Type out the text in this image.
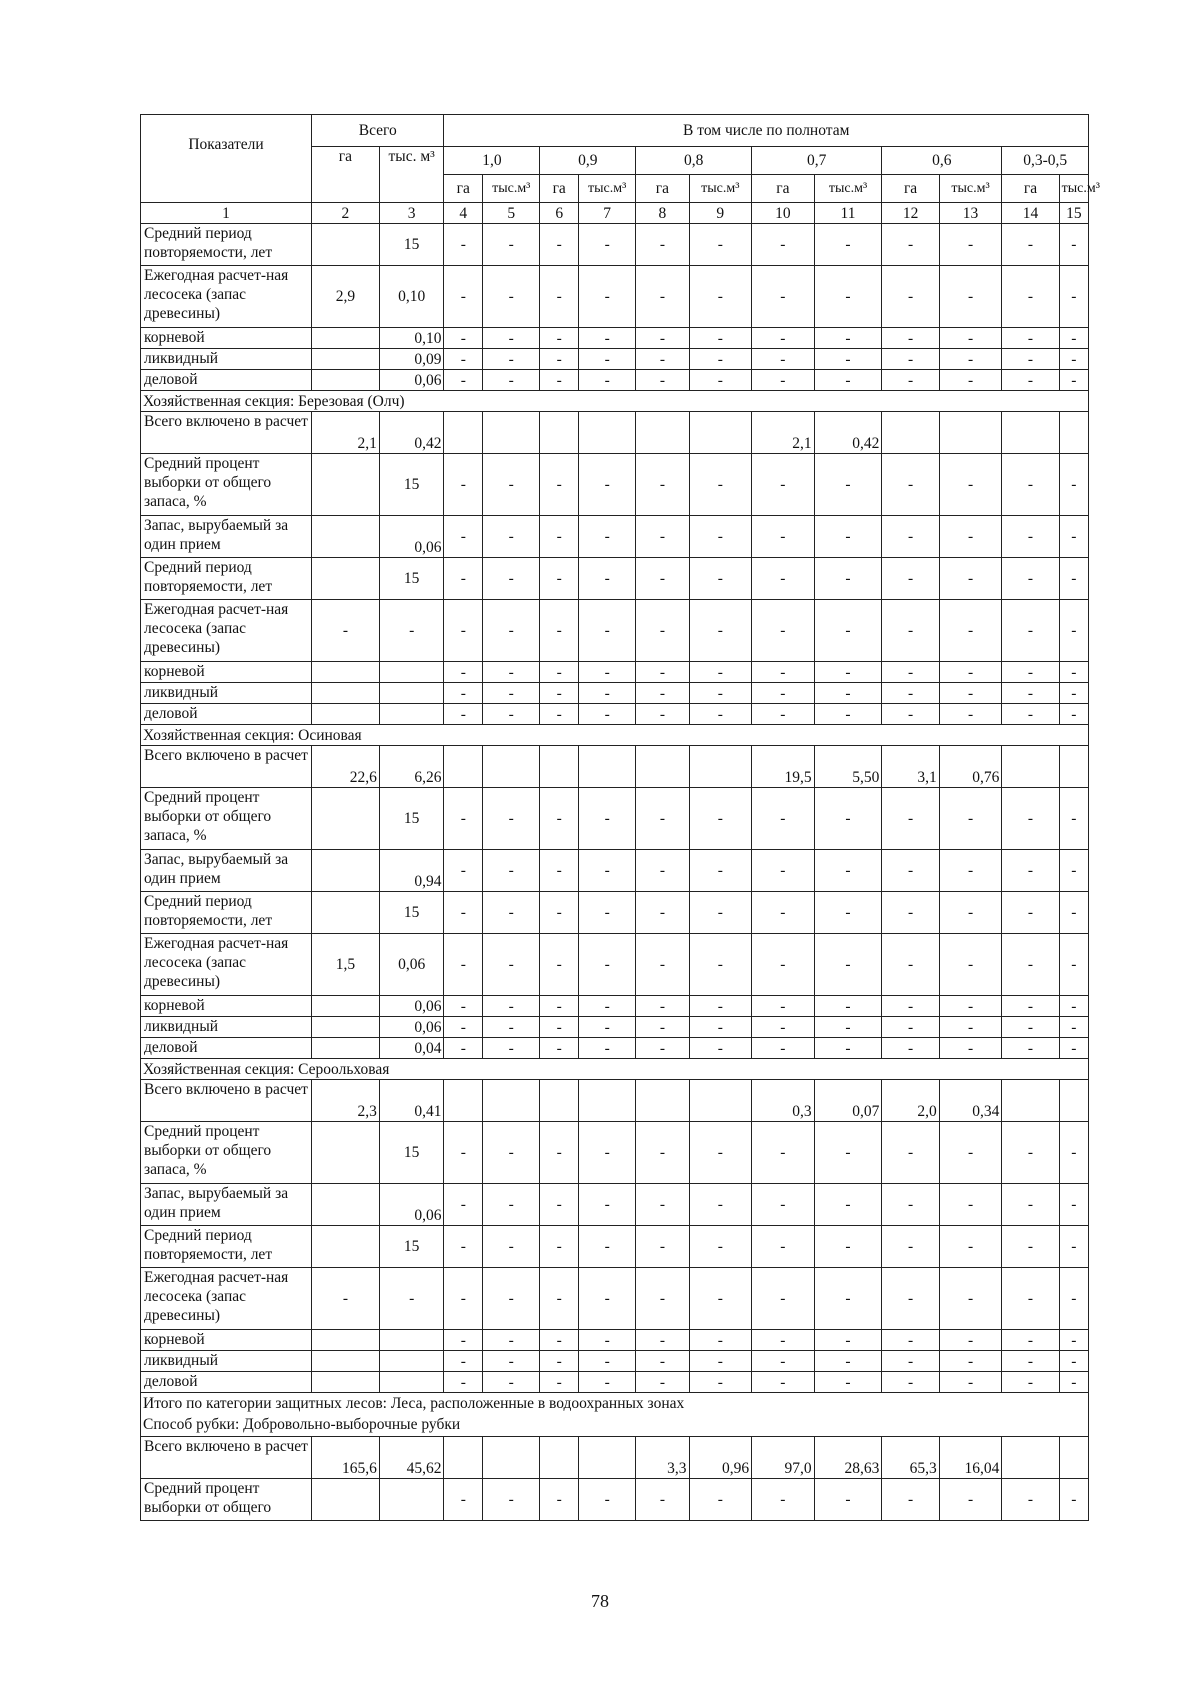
Показатели	Всего		В том числе по полнотам											
	га	тыс. м³	1,0		0,9		0,8		0,7		0,6		0,3-0,5	
			га	тыс.м³	га	тыс.м³	га	тыс.м³	га	тыс.м³	га	тыс.м³	га	тыс.м³
1	2	3	4	5	6	7	8	9	10	11	12	13	14	15
Средний период повторяемости, лет		15	-	-	-	-	-	-	-	-	-	-	-	-
Ежегодная расчет-ная лесосека (запас древесины)	2,9	0,10	-	-	-	-	-	-	-	-	-	-	-	-
корневой		0,10	-	-	-	-	-	-	-	-	-	-	-	-
ликвидный		0,09	-	-	-	-	-	-	-	-	-	-	-	-
деловой		0,06	-	-	-	-	-	-	-	-	-	-	-	-
Хозяйственная секция: Березовая (Олч)														
Всего включено в расчет	2,1	0,42							2,1	0,42				
Средний процент выборки от общего запаса, %		15	-	-	-	-	-	-	-	-	-	-	-	-
Запас, вырубаемый за один прием		0,06	-	-	-	-	-	-	-	-	-	-	-	-
Средний период повторяемости, лет		15	-	-	-	-	-	-	-	-	-	-	-	-
Ежегодная расчет-ная лесосека (запас древесины)	-	-	-	-	-	-	-	-	-	-	-	-	-	-
корневой			-	-	-	-	-	-	-	-	-	-	-	-
ликвидный			-	-	-	-	-	-	-	-	-	-	-	-
деловой			-	-	-	-	-	-	-	-	-	-	-	-
Хозяйственная секция: Осиновая														
Всего включено в расчет	22,6	6,26							19,5	5,50	3,1	0,76		
Средний процент выборки от общего запаса, %		15	-	-	-	-	-	-	-	-	-	-	-	-
Запас, вырубаемый за один прием		0,94	-	-	-	-	-	-	-	-	-	-	-	-
Средний период повторяемости, лет		15	-	-	-	-	-	-	-	-	-	-	-	-
Ежегодная расчет-ная лесосека (запас древесины)	1,5	0,06	-	-	-	-	-	-	-	-	-	-	-	-
корневой		0,06	-	-	-	-	-	-	-	-	-	-	-	-
ликвидный		0,06	-	-	-	-	-	-	-	-	-	-	-	-
деловой		0,04	-	-	-	-	-	-	-	-	-	-	-	-
Хозяйственная секция: Сероольховая														
Всего включено в расчет	2,3	0,41							0,3	0,07	2,0	0,34		
Средний процент выборки от общего запаса, %		15	-	-	-	-	-	-	-	-	-	-	-	-
Запас, вырубаемый за один прием		0,06	-	-	-	-	-	-	-	-	-	-	-	-
Средний период повторяемости, лет		15	-	-	-	-	-	-	-	-	-	-	-	-
Ежегодная расчет-ная лесосека (запас древесины)	-	-	-	-	-	-	-	-	-	-	-	-	-	-
корневой			-	-	-	-	-	-	-	-	-	-	-	-
ликвидный			-	-	-	-	-	-	-	-	-	-	-	-
деловой			-	-	-	-	-	-	-	-	-	-	-	-

Итого по категории защитных лесов: Леса, расположенные в водоохранных зонах
Способ рубки: Добровольно-выборочные рубки														

Всего включено в расчет	165,6	45,62					3,3	0,96	97,0	28,63	65,3	16,04		
Средний процент выборки от общего			-	-	-	-	-	-	-	-	-	-	-	-
78
